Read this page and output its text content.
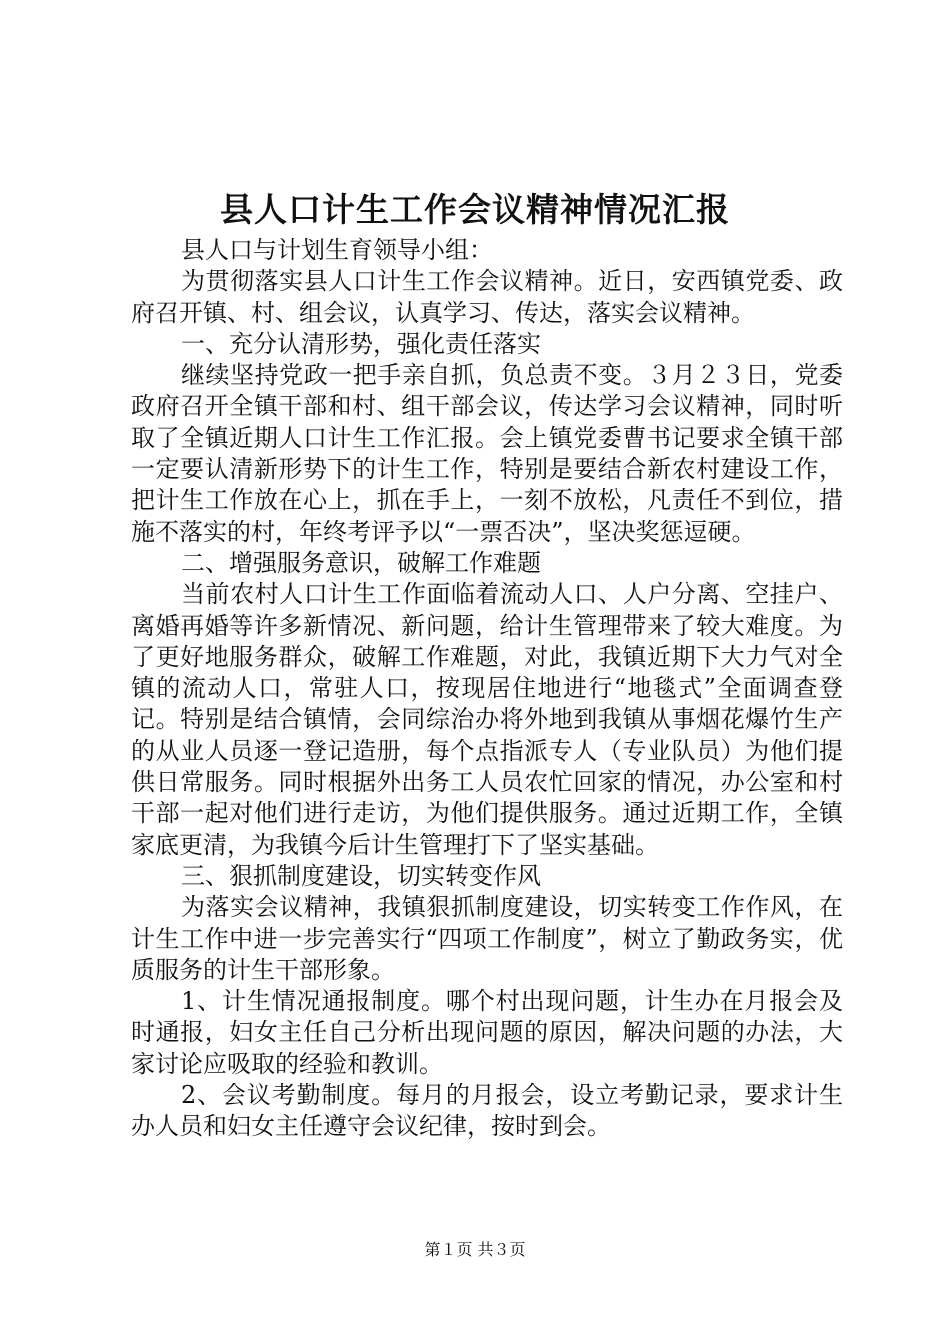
县人口计生工作会议精神情况汇报

县人口与计划生育领导小组：

为贯彻落实县人口计生工作会议精神。近日，安西镇党委、政府召开镇、村、组会议，认真学习、传达，落实会议精神。

一、充分认清形势，强化责任落实

继续坚持党政一把手亲自抓，负总责不变。３月２３日，党委政府召开全镇干部和村、组干部会议，传达学习会议精神，同时听取了全镇近期人口计生工作汇报。会上镇党委曹书记要求全镇干部一定要认清新形势下的计生工作，特别是要结合新农村建设工作，把计生工作放在心上，抓在手上，一刻不放松，凡责任不到位，措施不落实的村，年终考评予以“一票否决”，坚决奖惩逗硬。

二、增强服务意识，破解工作难题

当前农村人口计生工作面临着流动人口、人户分离、空挂户、离婚再婚等许多新情况、新问题，给计生管理带来了较大难度。为了更好地服务群众，破解工作难题，对此，我镇近期下大力气对全镇的流动人口，常驻人口，按现居住地进行“地毯式”全面调查登记。特别是结合镇情，会同综治办将外地到我镇从事烟花爆竹生产的从业人员逐一登记造册，每个点指派专人（专业队员）为他们提供日常服务。同时根据外出务工人员农忙回家的情况，办公室和村干部一起对他们进行走访，为他们提供服务。通过近期工作，全镇家底更清，为我镇今后计生管理打下了坚实基础。

三、狠抓制度建设，切实转变作风

为落实会议精神，我镇狠抓制度建设，切实转变工作作风，在计生工作中进一步完善实行“四项工作制度”，树立了勤政务实，优质服务的计生干部形象。

1、计生情况通报制度。哪个村出现问题，计生办在月报会及时通报，妇女主任自己分析出现问题的原因，解决问题的办法，大家讨论应吸取的经验和教训。

2、会议考勤制度。每月的月报会，设立考勤记录，要求计生办人员和妇女主任遵守会议纪律，按时到会。

第１页 共３页
